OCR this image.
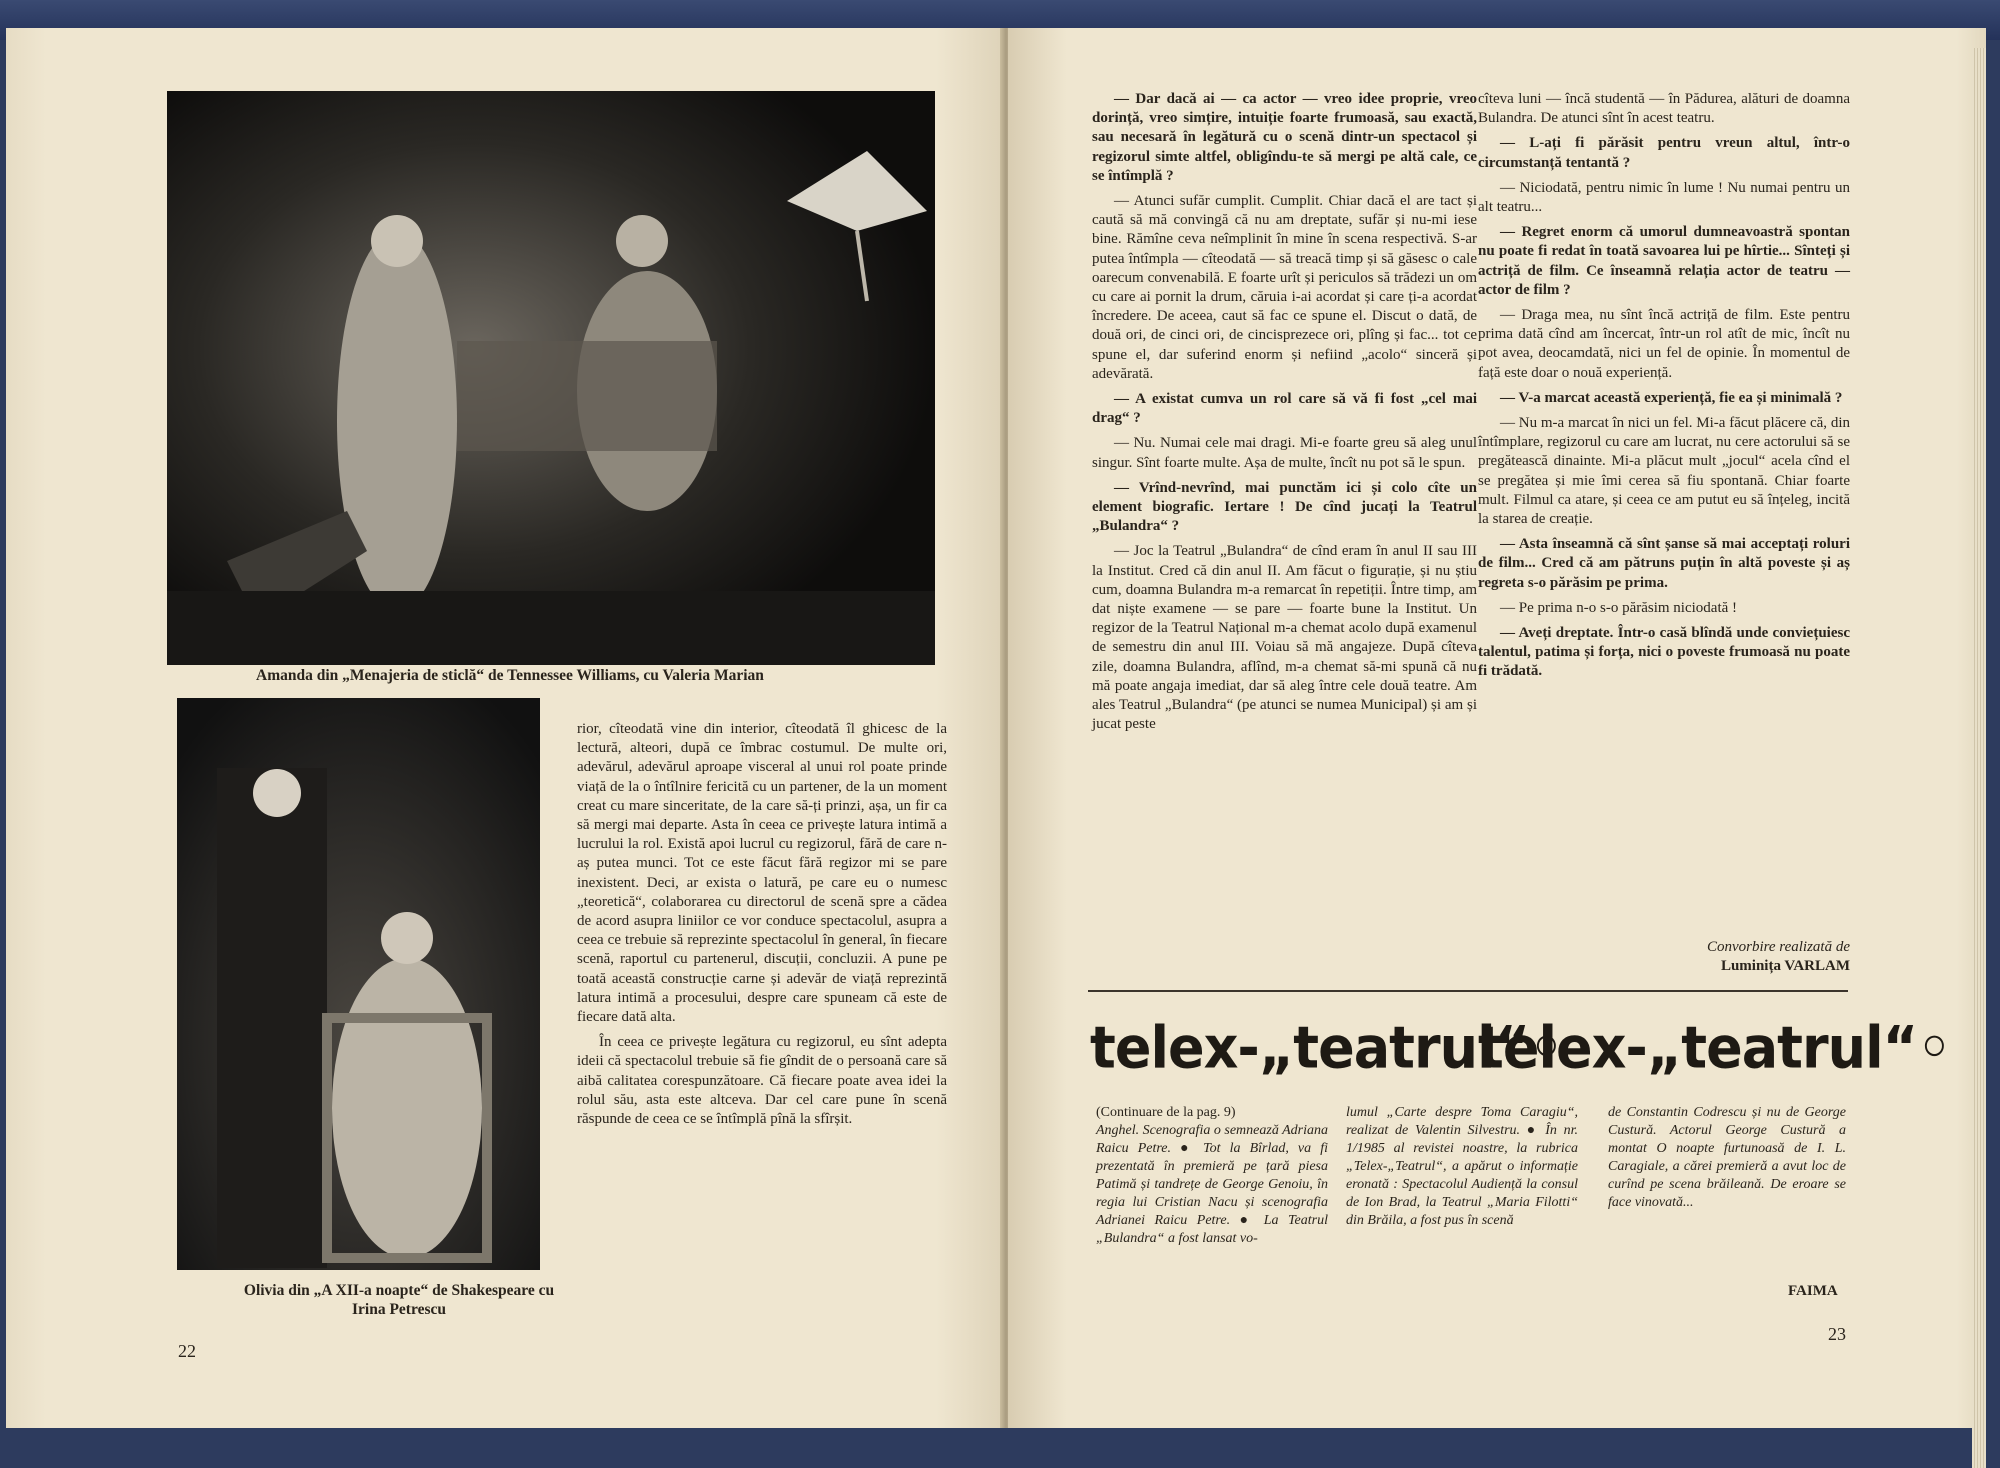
Amanda din „Menajeria de sticlă“ de Tennessee Williams, cu Valeria Marian
Olivia din „A XII-a noapte“ de Shakespeare cu Irina Petrescu

rior, cîteodată vine din interior, cîteodată îl ghicesc de la lectură, alteori, după ce îmbrac costumul. De multe ori, adevărul, adevărul aproape visceral al unui rol poate prinde viață de la o întîlnire fericită cu un partener, de la un moment creat cu mare sinceritate, de la care să-ți prinzi, așa, un fir ca să mergi mai departe. Asta în ceea ce privește latura intimă a lucrului la rol. Există apoi lucrul cu regizorul, fără de care n-aș putea munci. Tot ce este făcut fără regizor mi se pare inexistent. Deci, ar exista o latură, pe care eu o numesc „teoretică“, colaborarea cu directorul de scenă spre a cădea de acord asupra liniilor ce vor conduce spectacolul, asupra a ceea ce trebuie să reprezinte spectacolul în general, în fiecare scenă, raportul cu partenerul, discuții, concluzii. A pune pe toată această construcție carne și adevăr de viață reprezintă latura intimă a procesului, despre care spuneam că este de fiecare dată alta.

În ceea ce privește legătura cu regizorul, eu sînt adepta ideii că spectacolul trebuie să fie gîndit de o persoană care să aibă calitatea corespunzătoare. Că fiecare poate avea idei la rolul său, asta este altceva. Dar cel care pune în scenă răspunde de ceea ce se întîmplă pînă la sfîrșit.

22

— Dar dacă ai — ca actor — vreo idee proprie, vreo dorință, vreo simțire, intuiție foarte frumoasă, sau exactă, sau necesară în legătură cu o scenă dintr-un spectacol și regizorul simte altfel, obligîndu-te să mergi pe altă cale, ce se întîmplă ?

— Atunci sufăr cumplit. Cumplit. Chiar dacă el are tact și caută să mă convingă că nu am dreptate, sufăr și nu-mi iese bine. Rămîne ceva neîmplinit în mine în scena respectivă. S-ar putea întîmpla — cîteodată — să treacă timp și să găsesc o cale oarecum convenabilă. E foarte urît și periculos să trădezi un om cu care ai pornit la drum, căruia i-ai acordat și care ți-a acordat încredere. De aceea, caut să fac ce spune el. Discut o dată, de două ori, de cinci ori, de cincisprezece ori, plîng și fac... tot ce spune el, dar suferind enorm și nefiind „acolo“ sinceră și adevărată.

— A existat cumva un rol care să vă fi fost „cel mai drag“ ?

— Nu. Numai cele mai dragi. Mi-e foarte greu să aleg unul singur. Sînt foarte multe. Așa de multe, încît nu pot să le spun.

— Vrînd-nevrînd, mai punctăm ici și colo cîte un element biografic. Iertare ! De cînd jucați la Teatrul „Bulandra“ ?

— Joc la Teatrul „Bulandra“ de cînd eram în anul II sau III la Institut. Cred că din anul II. Am făcut o figurație, și nu știu cum, doamna Bulandra m-a remarcat în repetiții. Între timp, am dat niște examene — se pare — foarte bune la Institut. Un regizor de la Teatrul Național m-a chemat acolo după examenul de semestru din anul III. Voiau să mă angajeze. După cîteva zile, doamna Bulandra, aflînd, m-a chemat să-mi spună că nu mă poate angaja imediat, dar să aleg între cele două teatre. Am ales Teatrul „Bulandra“ (pe atunci se numea Municipal) și am și jucat peste

cîteva luni — încă studentă — în Pădurea, alături de doamna Bulandra. De atunci sînt în acest teatru.

— L-ați fi părăsit pentru vreun altul, într-o circumstanță tentantă ?

— Niciodată, pentru nimic în lume ! Nu numai pentru un alt teatru...

— Regret enorm că umorul dumneavoastră spontan nu poate fi redat în toată savoarea lui pe hîrtie... Sînteți și actriță de film. Ce înseamnă relația actor de teatru — actor de film ?

— Draga mea, nu sînt încă actriță de film. Este pentru prima dată cînd am încercat, într-un rol atît de mic, încît nu pot avea, deocamdată, nici un fel de opinie. În momentul de față este doar o nouă experiență.

— V-a marcat această experiență, fie ea și minimală ?

— Nu m-a marcat în nici un fel. Mi-a făcut plăcere că, din întîmplare, regizorul cu care am lucrat, nu cere actorului să se pregătească dinainte. Mi-a plăcut mult „jocul“ acela cînd el se pregătea și mie îmi cerea să fiu spontană. Chiar foarte mult. Filmul ca atare, și ceea ce am putut eu să înțeleg, incită la starea de creație.

— Asta înseamnă că sînt șanse să mai acceptați roluri de film... Cred că am pătruns puțin în altă poveste și aș regreta s-o părăsim pe prima.

— Pe prima n-o s-o părăsim niciodată !

— Aveți dreptate. Într-o casă blîndă unde conviețuiesc talentul, patima și forța, nici o poveste frumoasă nu poate fi trădată.

Convorbire realizată de

Luminița VARLAM

telex-„teatrul“◦
telex-„teatrul“◦

(Continuare de la pag. 9)

Anghel. Scenografia o semnează Adriana Raicu Petre. ● Tot la Bîrlad, va fi prezentată în premieră pe țară piesa Patimă și tandrețe de George Genoiu, în regia lui Cristian Nacu și scenografia Adrianei Raicu Petre. ● La Teatrul „Bulandra“ a fost lansat vo-

lumul „Carte despre Toma Caragiu“, realizat de Valentin Silvestru. ● În nr. 1/1985 al revistei noastre, la rubrica „Telex-„Teatrul“, a apărut o informație eronată : Spectacolul Audiență la consul de Ion Brad, la Teatrul „Maria Filotti“ din Brăila, a fost pus în scenă

de Constantin Codrescu și nu de George Custură. Actorul George Custură a montat O noapte furtunoasă de I. L. Caragiale, a cărei premieră a avut loc de curînd pe scena brăileană. De eroare se face vinovată...

FAIMA
23
